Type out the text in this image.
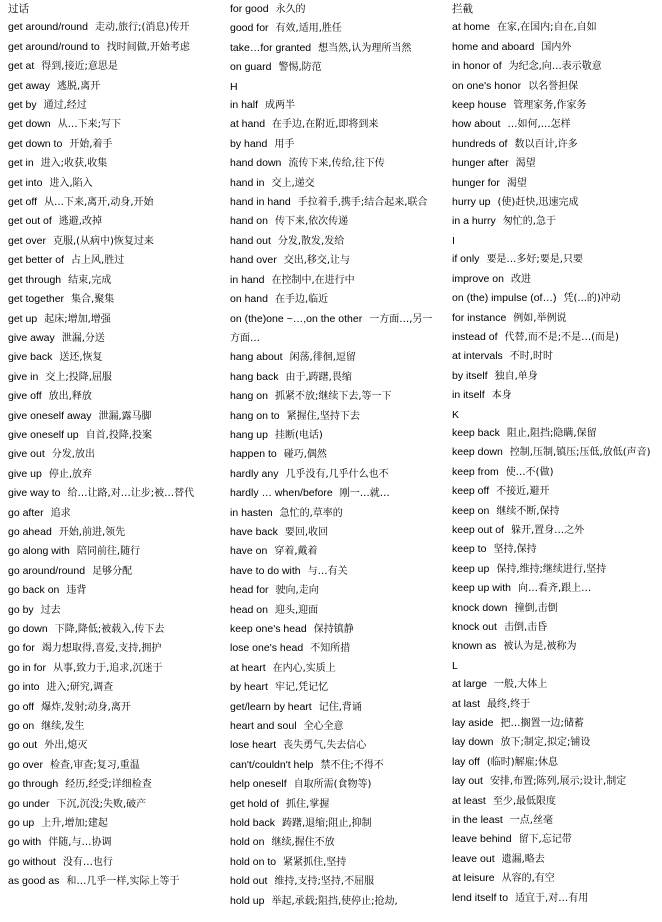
过话
get around/round 走动,旅行;(消息)传开
get around/round to 找时间做,开始考虑
get at 得到,接近;意思是
get away 逃脱,离开
get by 通过,经过
get down 从…下来;写下
get down to 开始,着手
get in 进入;收获,收集
get into 进入,陷入
get off 从…下来,离开,动身,开始
get out of 逃避,改掉
get over 克服,(从病中)恢复过来
get better of 占上风,胜过
get through 结束,完成
get together 集合,聚集
get up 起床;增加,增强
give away 泄漏,分送
give back 送还,恢复
give in 交上;投降,屈服
give off 放出,释放
give oneself away 泄漏,露马脚
give oneself up 自首,投降,投案
give out 分发,放出
give up 停止,放弃
give way to 给…让路,对…让步;被…替代
go after 追求
go ahead 开始,前进,领先
go along with 陪同前往,随行
go around/round 足够分配
go back on 违背
go by 过去
go down 下降,降低;被载入,传下去
go for 竭力想取得,喜爱,支持,拥护
go in for 从事,致力于,追求,沉迷于
go into 进入;研究,调查
go off 爆炸,发射;动身,离开
go on 继续,发生
go out 外出,熄灭
go over 检查,审查;复习,重温
go through 经历,经受;详细检查
go under 下沉,沉没;失败,破产
go up 上升,增加;建起
go with 伴随,与…协调
go without 没有…也行
as good as 和…几乎一样,实际上等于
for good 永久的
good for 有效,适用,胜任
take…for granted 想当然,认为理所当然
on guard 警惕,防范
H
in half 成两半
at hand 在手边,在附近,即将到来
by hand 用手
hand down 流传下来,传给,往下传
hand in 交上,递交
hand in hand 手拉着手,携手;结合起来,联合
hand on 传下来,依次传递
hand out 分发,散发,发给
hand over 交出,移交,让与
in hand 在控制中,在进行中
on hand 在手边,临近
on (the)one ~…,on the other 一方面…,另一方面…
hang about 闲荡,徘徊,逗留
hang back 由于,踌躇,畏缩
hang on 抓紧不放;继续下去,等一下
hang on to 紧握住,坚持下去
hang up 挂断(电话)
happen to 碰巧,偶然
hardly any 几乎没有,几乎什么也不
hardly … when/before 刚一…就…
in hasten 急忙的,草率的
have back 要回,收回
have on 穿着,戴着
have to do with 与…有关
head for 驶向,走向
head on 迎头,迎面
keep one's head 保持镇静
lose one's head 不知所措
at heart 在内心,实质上
by heart 牢记,凭记忆
get/learn by heart 记住,背诵
heart and soul 全心全意
lose heart 丧失勇气,失去信心
can't/couldn't help 禁不住;不得不
help oneself 自取所需(食物等)
get hold of 抓住,掌握
hold back 踌躇,退缩;阻止,抑制
hold on 继续,握住不放
hold on to 紧紧抓住,坚持
hold out 维持,支持;坚持,不屈服
hold up 举起,承载;阻挡,使停止;抢劫,
拦截
at home 在家,在国内;自在,自如
home and aboard 国内外
in honor of 为纪念,向…表示敬意
on one's honor 以名誉担保
keep house 管理家务,作家务
how about …如何,…怎样
hundreds of 数以百计,许多
hunger after 渴望
hunger for 渴望
hurry up (使)赶快,迅速完成
in a hurry 匆忙的,急于
I
if only 要是…多好;要是,只要
improve on 改进
on (the) impulse (of…) 凭(...的)冲动
for instance 例如,举例说
instead of 代替,而不是;不是…(而是)
at intervals 不时,时时
by itself 独自,单身
in itself 本身
K
keep back 阻止,阻挡;隐瞒,保留
keep down 控制,压制,镇压;压低,放低(声音)
keep from 使…不(做)
keep off 不接近,避开
keep on 继续不断,保持
keep out of 躲开,置身…之外
keep to 坚持,保持
keep up 保持,维持;继续进行,坚持
keep up with 向…看齐,跟上…
knock down 撞倒,击倒
knock out 击倒,击昏
known as 被认为是,被称为
L
at large 一般,大体上
at last 最终,终于
lay aside 把…搁置一边;储蓄
lay down 放下;制定,拟定;铺设
lay off (临时)解雇;休息
lay out 安排,布置;陈列,展示;设计,制定
at least 至少,最低限度
in the least 一点,丝毫
leave behind 留下,忘记带
leave out 遗漏,略去
at leisure 从容的,有空
lend itself to 适宜于,对…有用
